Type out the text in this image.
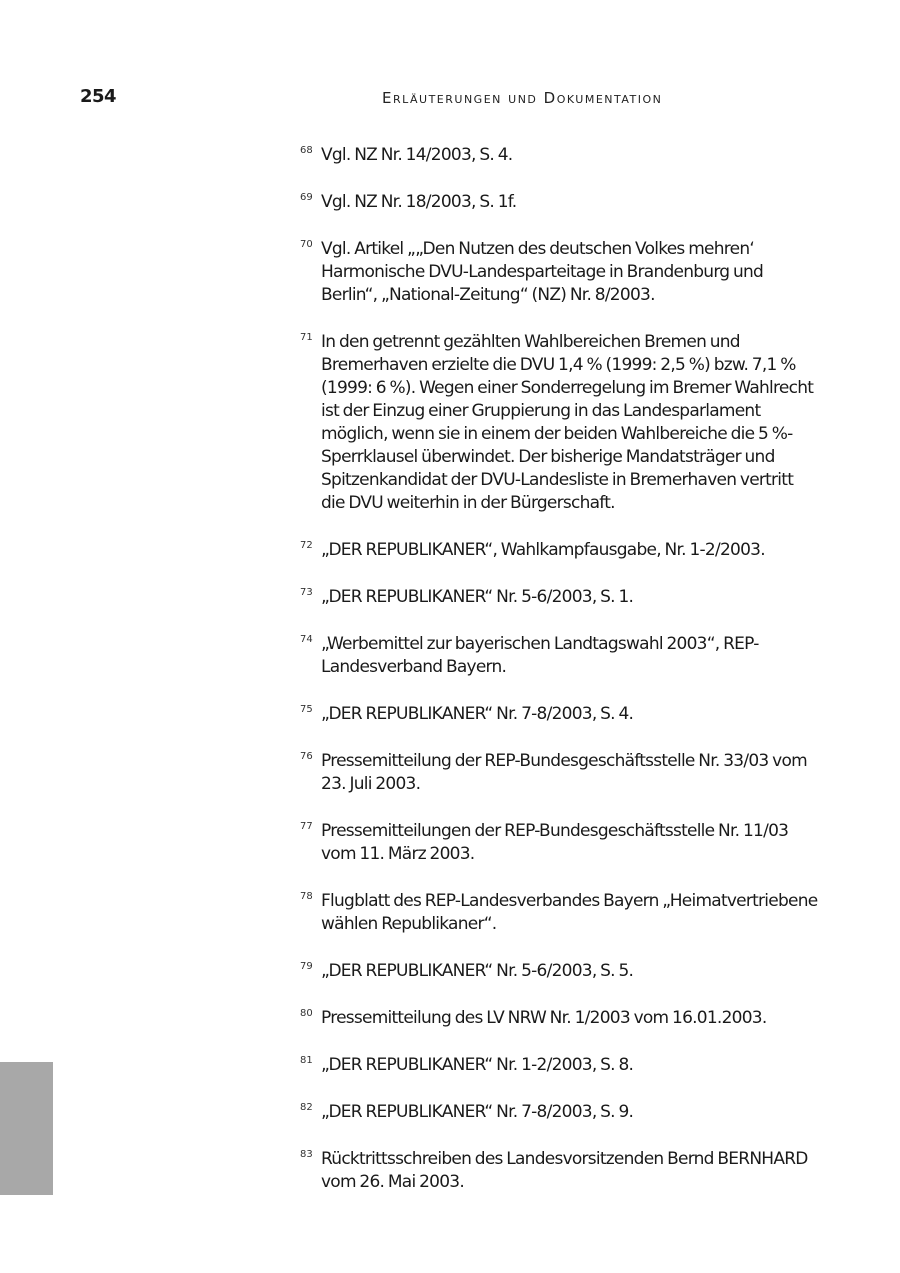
254	Erläuterungen und Dokumentation
68 Vgl. NZ Nr. 14/2003, S. 4.
69 Vgl. NZ Nr. 18/2003, S. 1f.
70 Vgl. Artikel „„Den Nutzen des deutschen Volkes mehren‘ Harmonische DVU-Landesparteitage in Brandenburg und Berlin“, „National-Zeitung“ (NZ) Nr. 8/2003.
71 In den getrennt gezählten Wahlbereichen Bremen und Bremerhaven erzielte die DVU 1,4 % (1999: 2,5 %) bzw. 7,1 % (1999: 6 %). Wegen einer Sonderregelung im Bremer Wahlrecht ist der Einzug einer Gruppierung in das Landesparlament möglich, wenn sie in einem der beiden Wahlbereiche die 5 %-Sperrklausel überwindet. Der bisherige Mandatsträger und Spitzenkandidat der DVU-Landesliste in Bremerhaven vertritt die DVU weiterhin in der Bürgerschaft.
72 „DER REPUBLIKANER“, Wahlkampfausgabe, Nr. 1-2/2003.
73 „DER REPUBLIKANER“ Nr. 5-6/2003, S. 1.
74 „Werbemittel zur bayerischen Landtagswahl 2003“, REP-Landesverband Bayern.
75 „DER REPUBLIKANER“ Nr. 7-8/2003, S. 4.
76 Pressemitteilung der REP-Bundesgeschäftsstelle Nr. 33/03 vom 23. Juli 2003.
77 Pressemitteilungen der REP-Bundesgeschäftsstelle Nr. 11/03 vom 11. März 2003.
78 Flugblatt des REP-Landesverbandes Bayern „Heimatvertriebene wählen Republikaner“.
79 „DER REPUBLIKANER“ Nr. 5-6/2003, S. 5.
80 Pressemitteilung des LV NRW Nr. 1/2003 vom 16.01.2003.
81 „DER REPUBLIKANER“ Nr. 1-2/2003, S. 8.
82 „DER REPUBLIKANER“ Nr. 7-8/2003, S. 9.
83 Rücktrittsschreiben des Landesvorsitzenden Bernd BERNHARD vom 26. Mai 2003.
